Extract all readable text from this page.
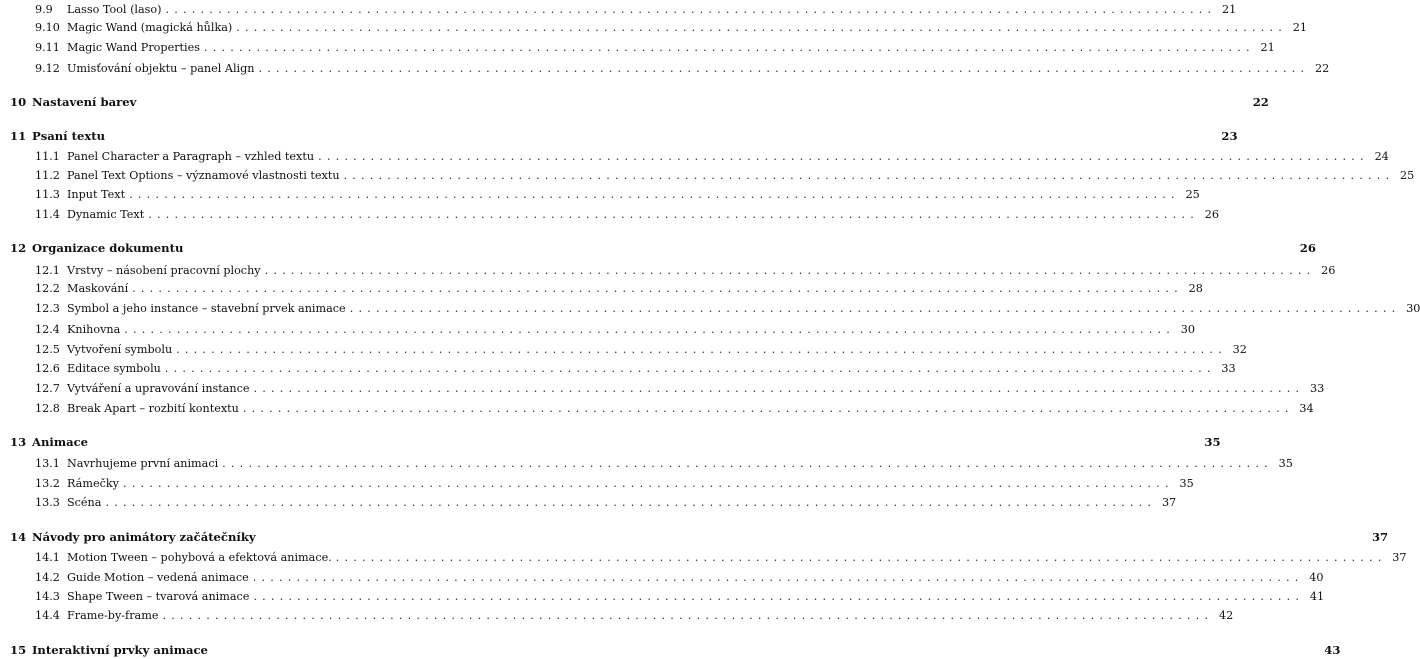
9.9	Lasso Tool (laso) ........................................................................................................................ 21
9.10 Magic Wand (magická hůlka) ........................................................................................................................ 21
9.11 Magic Wand Properties ........................................................................................................................ 21
9.12 Umisťování objektu – panel Align ........................................................................................................................ 22
10 Nastavení barev	22
11 Psaní textu	23
11.1 Panel Character a Paragraph – vzhled textu ........................................................................................................................ 24
11.2 Panel Text Options – významové vlastnosti textu ........................................................................................................................ 25
11.3 Input Text ........................................................................................................................ 25
11.4 Dynamic Text ........................................................................................................................ 26
12 Organizace dokumentu	26
12.1 Vrstvy – násobení pracovní plochy ........................................................................................................................ 26
12.2 Maskování ........................................................................................................................ 28
12.3 Symbol a jeho instance – stavební prvek animace ........................................................................................................................ 30
12.4 Knihovna ........................................................................................................................ 30
12.5 Vytvoření symbolu ........................................................................................................................ 32
12.6 Editace symbolu ........................................................................................................................ 33
12.7 Vytváření a upravování instance ........................................................................................................................ 33
12.8 Break Apart – rozbití kontextu ........................................................................................................................ 34
13 Animace	35
13.1 Navrhujeme první animaci ........................................................................................................................ 35
13.2 Rámečky ........................................................................................................................ 35
13.3 Scéna ........................................................................................................................ 37
14 Návody pro animátory začátečníky	37
14.1 Motion Tween – pohybová a efektová animace. ........................................................................................................................ 37
14.2 Guide Motion – vedená animace ........................................................................................................................ 40
14.3 Shape Tween – tvarová animace ........................................................................................................................ 41
14.4 Frame-by-frame ........................................................................................................................ 42
15 Interaktivní prvky animace	43
